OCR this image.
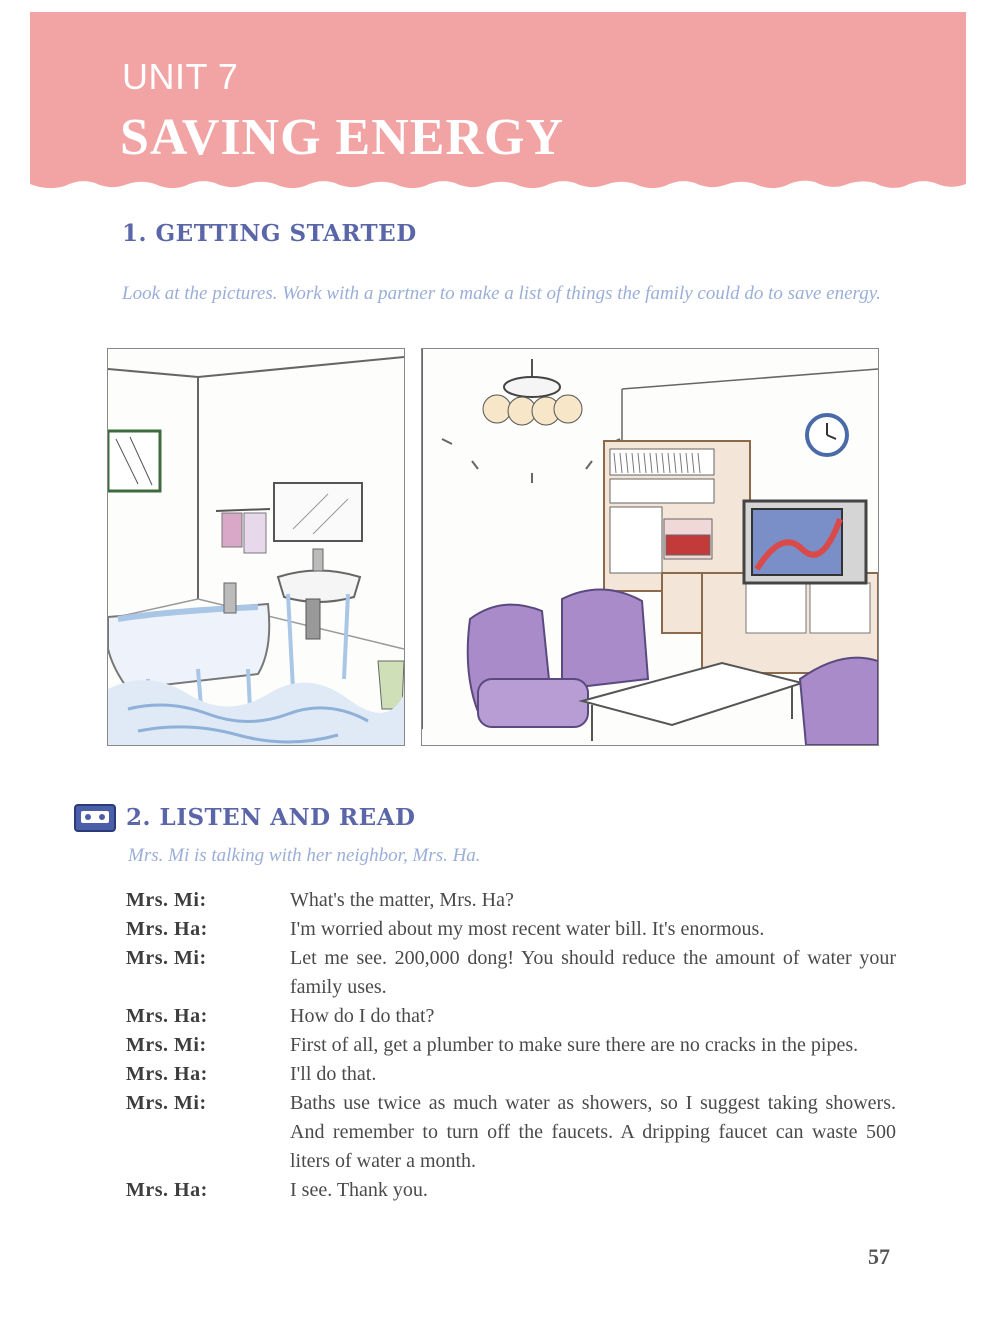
UNIT 7
SAVING ENERGY
1. GETTING STARTED
Look at the pictures. Work with a partner to make a list of things the family could do to save energy.
2. LISTEN AND READ
Mrs. Mi is talking with her neighbor, Mrs. Ha.
Mrs. Mi:	What's the matter, Mrs. Ha?
Mrs. Ha:	I'm worried about my most recent water bill. It's enormous.
Mrs. Mi:	Let me see. 200,000 dong! You should reduce the amount of water your family uses.
Mrs. Ha:	How do I do that?
Mrs. Mi:	First of all, get a plumber to make sure there are no cracks in the pipes.
Mrs. Ha:	I'll do that.
Mrs. Mi:	Baths use twice as much water as showers, so I suggest taking showers. And remember to turn off the faucets. A dripping faucet can waste 500 liters of water a month.
Mrs. Ha:	I see. Thank you.
57
